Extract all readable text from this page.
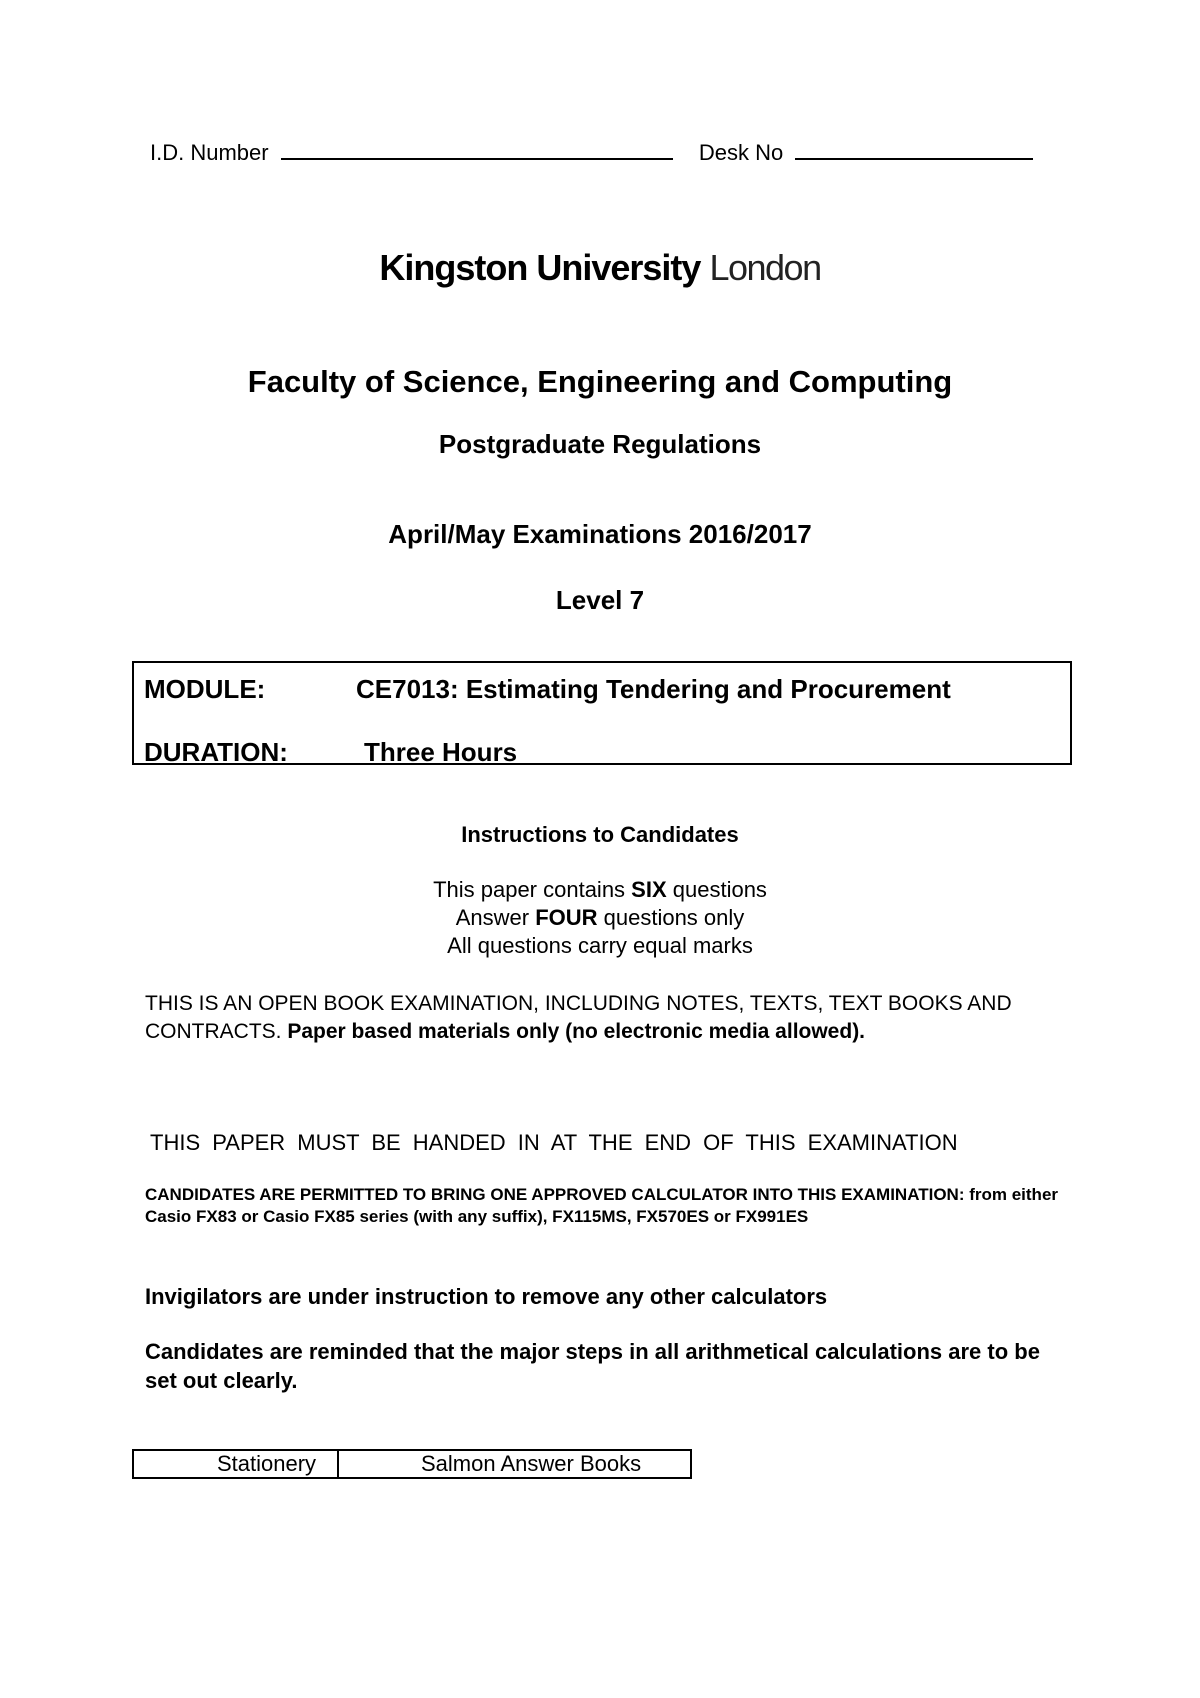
I.D. Number	Desk No
Kingston University London
Faculty of Science, Engineering and Computing
Postgraduate Regulations
April/May Examinations 2016/2017
Level 7
MODULE:	CE7013: Estimating Tendering and Procurement
DURATION:	Three Hours
Instructions to Candidates
This paper contains SIX questions
Answer FOUR questions only
All questions carry equal marks
THIS IS AN OPEN BOOK EXAMINATION, INCLUDING NOTES, TEXTS, TEXT BOOKS AND CONTRACTS. Paper based materials only (no electronic media allowed).
THIS PAPER MUST BE HANDED IN AT THE END OF THIS EXAMINATION
CANDIDATES ARE PERMITTED TO BRING ONE APPROVED CALCULATOR INTO THIS EXAMINATION: from either Casio FX83 or Casio FX85 series (with any suffix), FX115MS, FX570ES or FX991ES
Invigilators are under instruction to remove any other calculators
Candidates are reminded that the major steps in all arithmetical calculations are to be set out clearly.
Stationery	Salmon Answer Books
